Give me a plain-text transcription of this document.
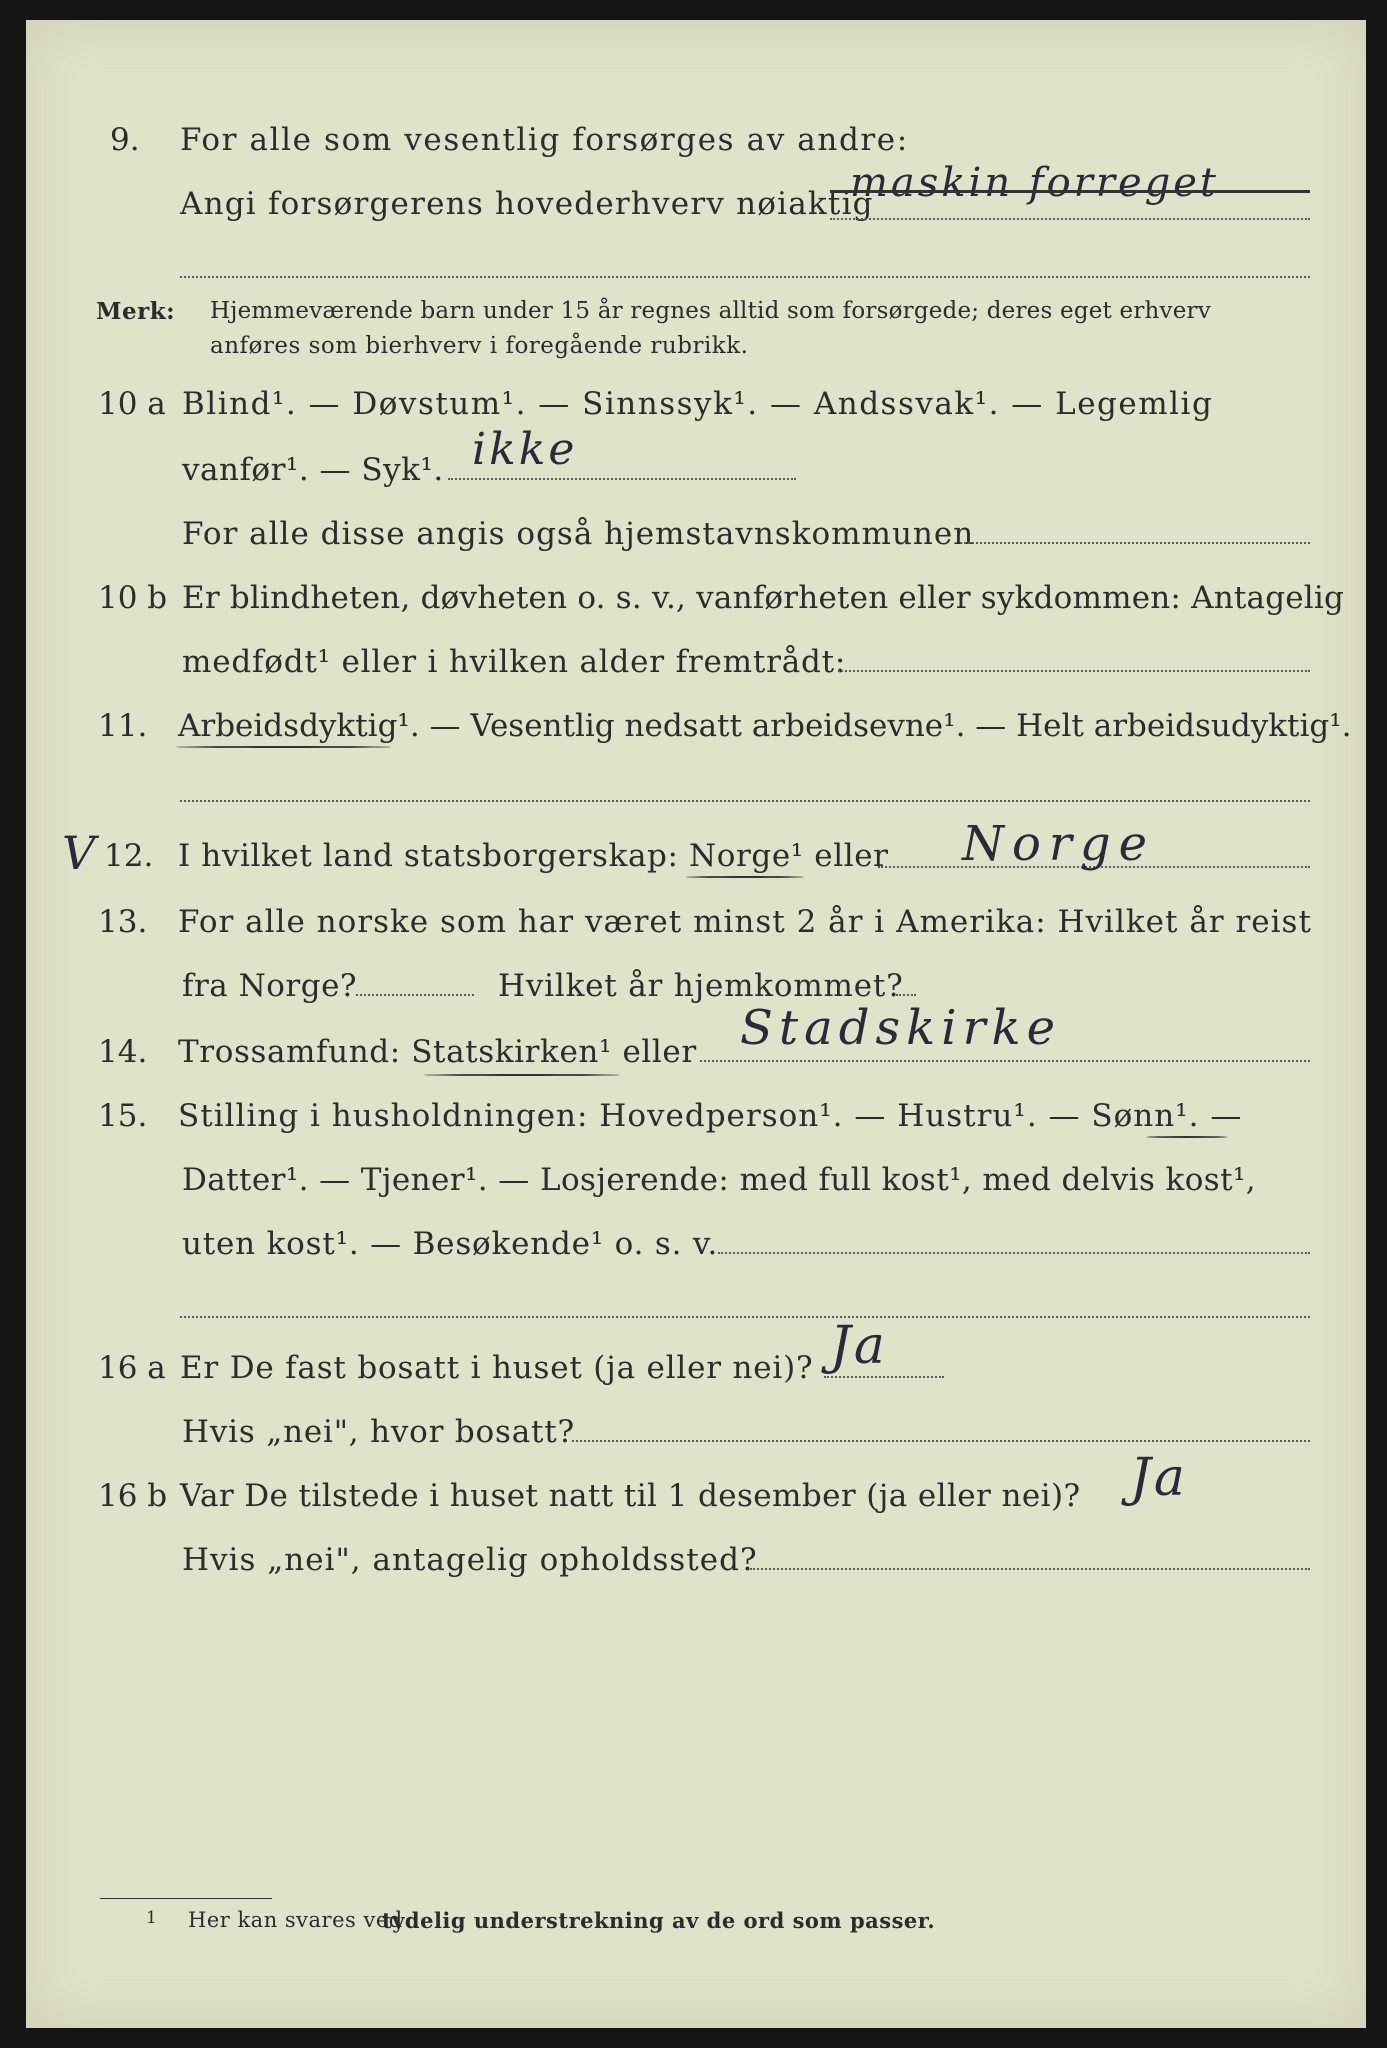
9. For alle som vesentlig forsørges av andre:
Angi forsørgerens hovederhverv nøiaktig
maskin forreget
Merk: Hjemmeværende barn under 15 år regnes alltid som forsørgede; deres eget erhverv
anføres som bierhverv i foregående rubrikk.
10 a Blind¹. — Døvstum¹. — Sinnssyk¹. — Andssvak¹. — Legemlig
vanfør¹. — Syk¹. ikke
For alle disse angis også hjemstavnskommunen
10 b Er blindheten, døvheten o. s. v., vanførheten eller sykdommen: Antagelig
medfødt¹ eller i hvilken alder fremtrådt:
11. Arbeidsdyktig¹. — Vesentlig nedsatt arbeidsevne¹. — Helt arbeidsudyktig¹.
V 12. I hvilket land statsborgerskap: Norge¹ eller Norge
13. For alle norske som har været minst 2 år i Amerika: Hvilket år reist
fra Norge?	Hvilket år hjemkommet?
14. Trossamfund: Statskirken¹ eller Stadskirke
15. Stilling i husholdningen: Hovedperson¹. — Hustru¹. — Sønn¹. —
Datter¹. — Tjener¹. — Losjerende: med full kost¹, med delvis kost¹,
uten kost¹. — Besøkende¹ o. s. v.
16 a Er De fast bosatt i huset (ja eller nei)? Ja
Hvis „nei", hvor bosatt?
16 b Var De tilstede i huset natt til 1 desember (ja eller nei)? Ja
Hvis „nei", antagelig opholdssted?
1 Her kan svares ved
tydelig understrekning av de ord som passer.
